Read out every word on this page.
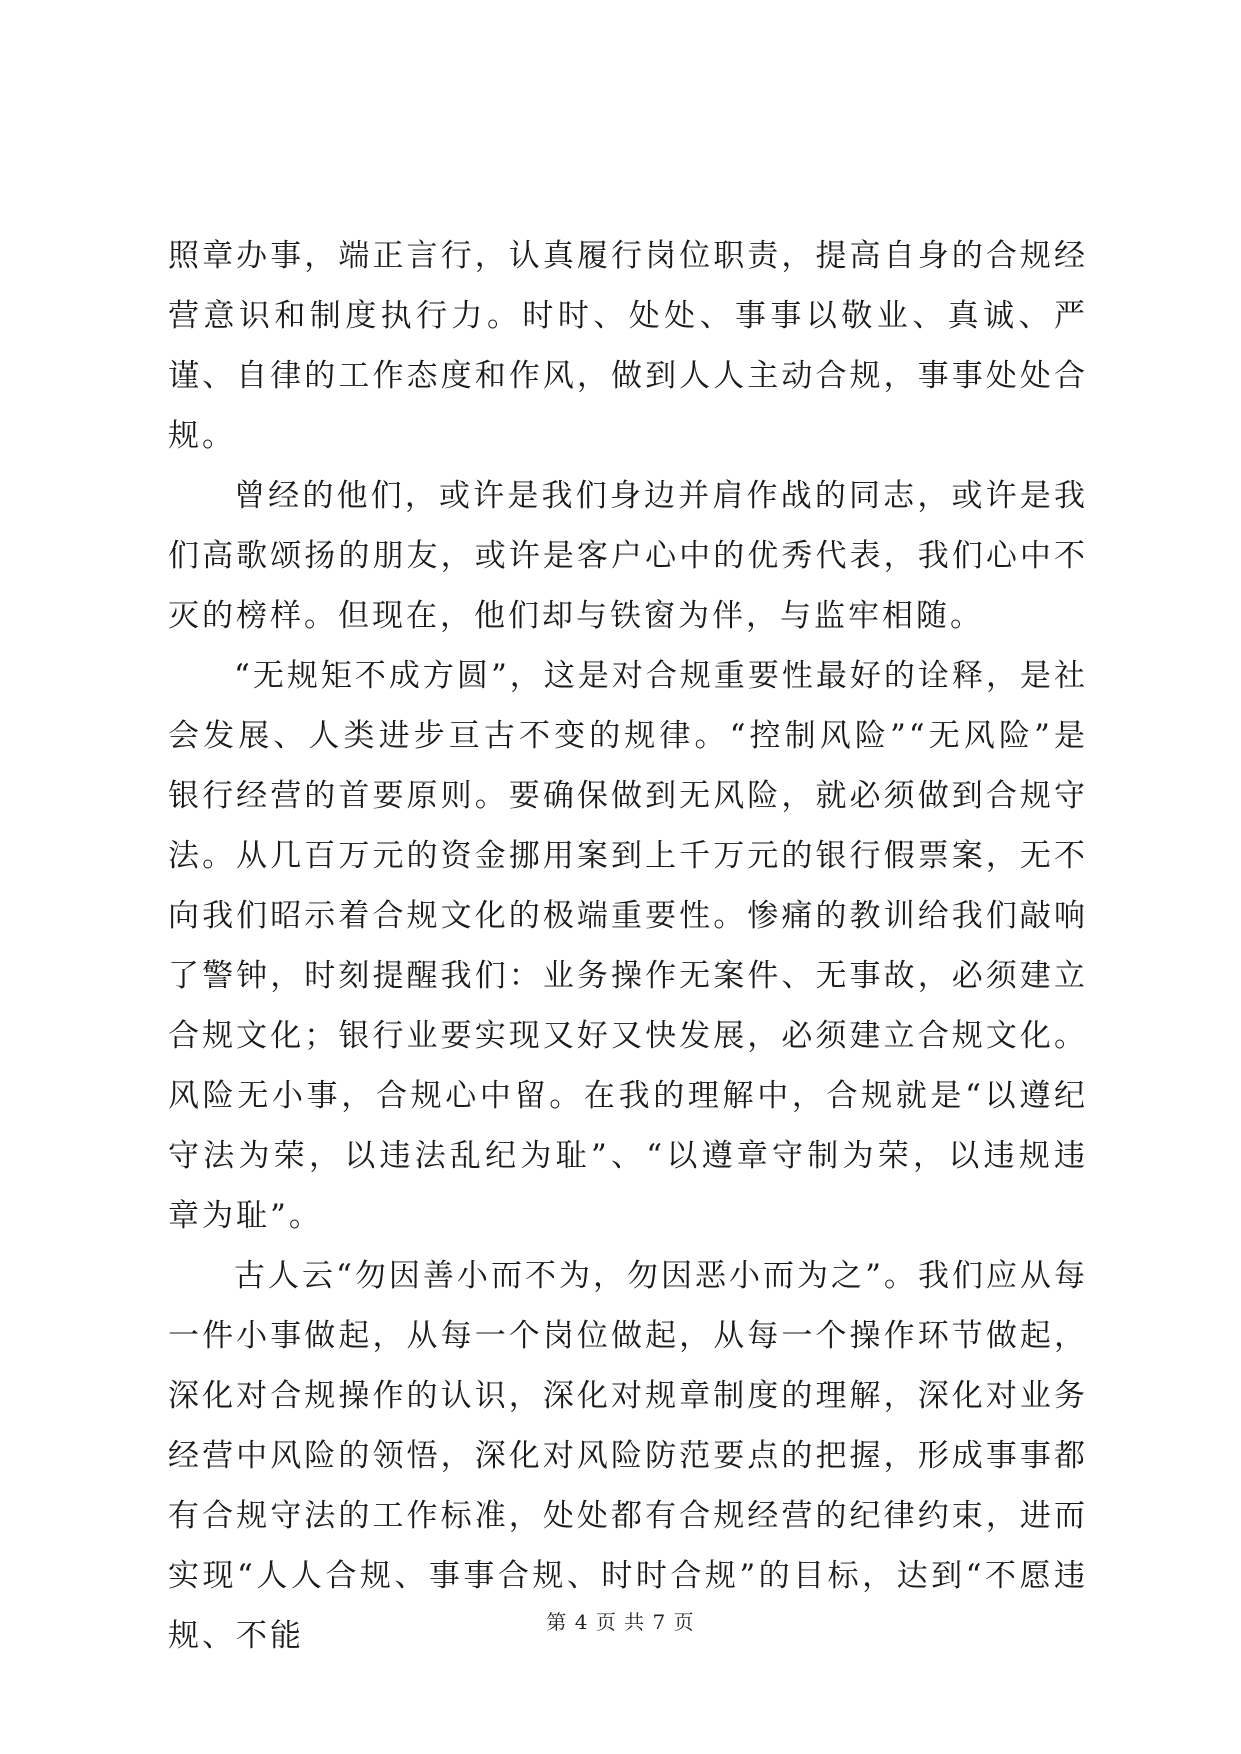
照章办事，端正言行，认真履行岗位职责，提高自身的合规经营意识和制度执行力。时时、处处、事事以敬业、真诚、严谨、自律的工作态度和作风，做到人人主动合规，事事处处合规。

曾经的他们，或许是我们身边并肩作战的同志，或许是我们高歌颂扬的朋友，或许是客户心中的优秀代表，我们心中不灭的榜样。但现在，他们却与铁窗为伴，与监牢相随。

“无规矩不成方圆”，这是对合规重要性最好的诠释，是社会发展、人类进步亘古不变的规律。“控制风险”“无风险”是银行经营的首要原则。要确保做到无风险，就必须做到合规守法。从几百万元的资金挪用案到上千万元的银行假票案，无不向我们昭示着合规文化的极端重要性。惨痛的教训给我们敲响了警钟，时刻提醒我们：业务操作无案件、无事故，必须建立合规文化；银行业要实现又好又快发展，必须建立合规文化。风险无小事，合规心中留。在我的理解中，合规就是“以遵纪守法为荣，以违法乱纪为耻”、“以遵章守制为荣，以违规违章为耻”。

古人云“勿因善小而不为，勿因恶小而为之”。我们应从每一件小事做起，从每一个岗位做起，从每一个操作环节做起，深化对合规操作的认识，深化对规章制度的理解，深化对业务经营中风险的领悟，深化对风险防范要点的把握，形成事事都有合规守法的工作标准，处处都有合规经营的纪律约束，进而实现“人人合规、事事合规、时时合规”的目标，达到“不愿违规、不能	第 4 页 共 7 页
